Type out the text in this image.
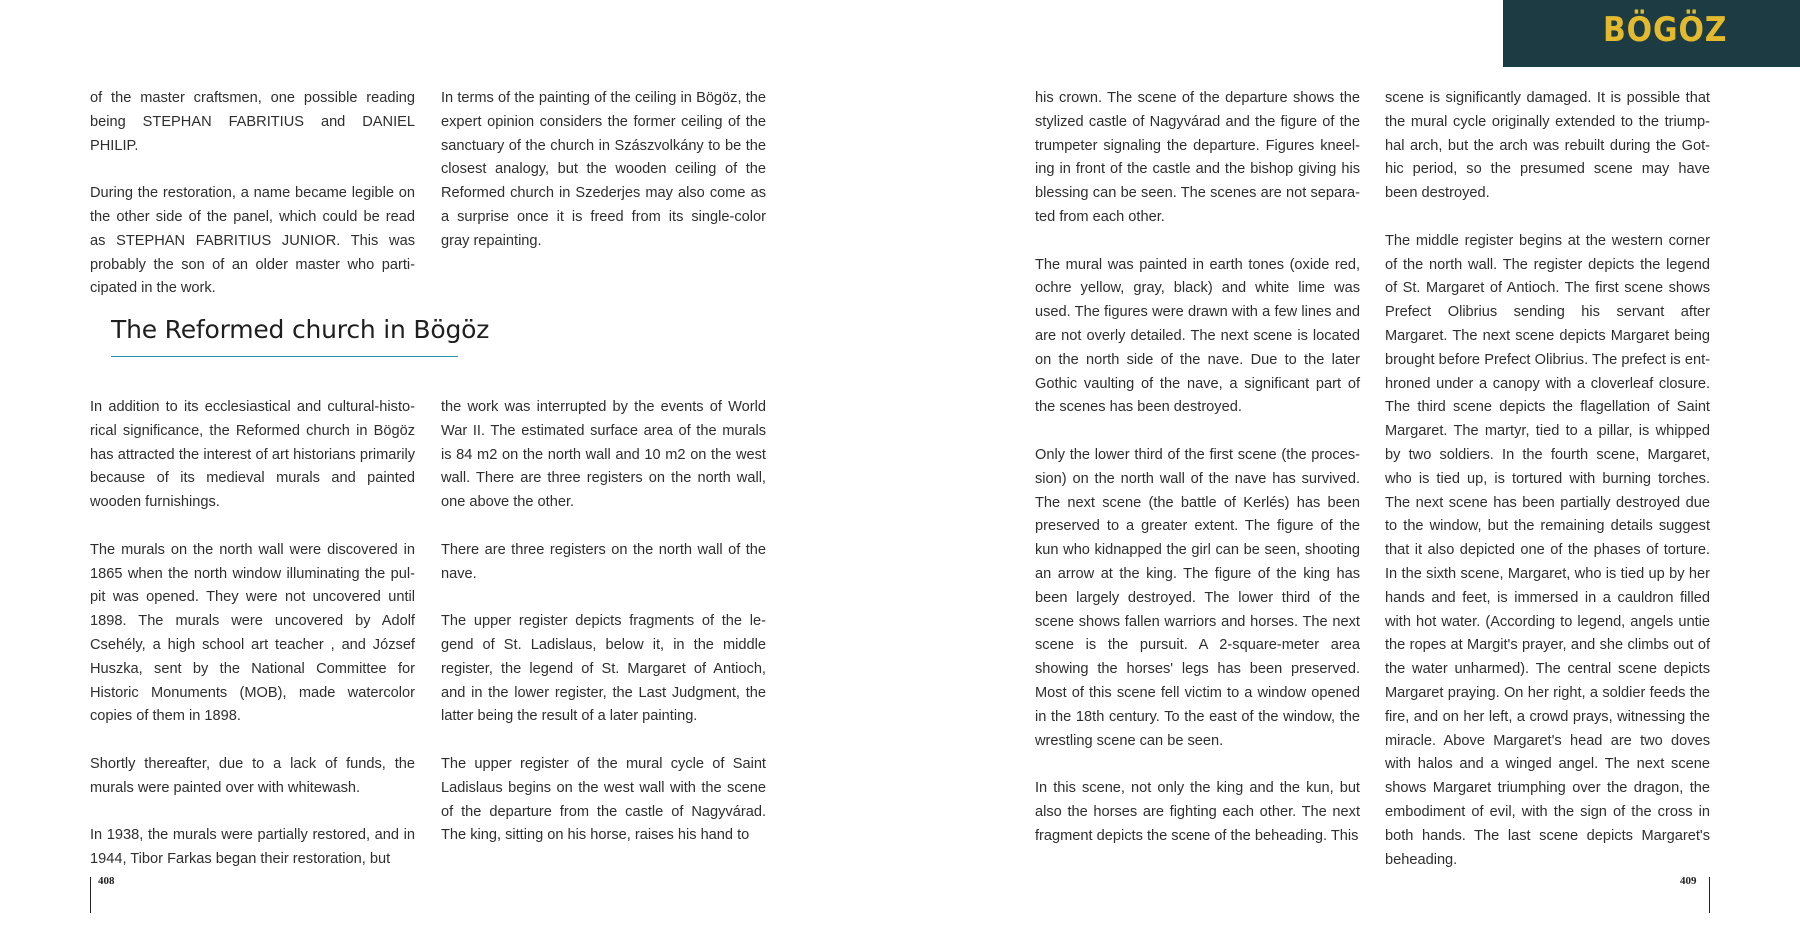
BÖGÖZ

of the master craftsmen, one possible reading being STEPHAN FABRITIUS and DANIEL PHILIP.

During the restoration, a name became legible on the other side of the panel, which could be read as STEPHAN FABRITIUS JUNIOR. This was probably the son of an older master who participated in the work.

In terms of the painting of the ceiling in Bögöz, the expert opinion considers the former ceiling of the sanctuary of the church in Szászvolkány to be the closest analogy, but the wooden ceiling of the Reformed church in Szederjes may also come as a surprise once it is freed from its single-color gray repainting.

The Reformed church in Bögöz

In addition to its ecclesiastical and cultural-historical significance, the Reformed church in Bögöz has attracted the interest of art historians primarily because of its medieval murals and painted wooden furnishings.

The murals on the north wall were discovered in 1865 when the north window illuminating the pulpit was opened. They were not uncovered until 1898. The murals were uncovered by Adolf Csehély, a high school art teacher , and József Huszka, sent by the National Committee for Historic Monuments (MOB), made watercolor copies of them in 1898.

Shortly thereafter, due to a lack of funds, the murals were painted over with whitewash.

In 1938, the murals were partially restored, and in 1944, Tibor Farkas began their restoration, but

the work was interrupted by the events of World War II. The estimated surface area of the murals is 84 m2 on the north wall and 10 m2 on the west wall. There are three registers on the north wall, one above the other.

There are three registers on the north wall of the nave.

The upper register depicts fragments of the legend of St. Ladislaus, below it, in the middle register, the legend of St. Margaret of Antioch, and in the lower register, the Last Judgment, the latter being the result of a later painting.

The upper register of the mural cycle of Saint Ladislaus begins on the west wall with the scene of the departure from the castle of Nagyvárad. The king, sitting on his horse, raises his hand to

his crown. The scene of the departure shows the stylized castle of Nagyvárad and the figure of the trumpeter signaling the departure. Figures kneeling in front of the castle and the bishop giving his blessing can be seen. The scenes are not separated from each other.

The mural was painted in earth tones (oxide red, ochre yellow, gray, black) and white lime was used. The figures were drawn with a few lines and are not overly detailed. The next scene is located on the north side of the nave. Due to the later Gothic vaulting of the nave, a significant part of the scenes has been destroyed.

Only the lower third of the first scene (the procession) on the north wall of the nave has survived. The next scene (the battle of Kerlés) has been preserved to a greater extent. The figure of the kun who kidnapped the girl can be seen, shooting an arrow at the king. The figure of the king has been largely destroyed. The lower third of the scene shows fallen warriors and horses. The next scene is the pursuit. A 2-square-meter area showing the horses' legs has been preserved. Most of this scene fell victim to a window opened in the 18th century. To the east of the window, the wrestling scene can be seen.

In this scene, not only the king and the kun, but also the horses are fighting each other. The next fragment depicts the scene of the beheading. This

scene is significantly damaged. It is possible that the mural cycle originally extended to the triumphal arch, but the arch was rebuilt during the Gothic period, so the presumed scene may have been destroyed.

The middle register begins at the western corner of the north wall. The register depicts the legend of St. Margaret of Antioch. The first scene shows Prefect Olibrius sending his servant after Margaret. The next scene depicts Margaret being brought before Prefect Olibrius. The prefect is enthroned under a canopy with a cloverleaf closure. The third scene depicts the flagellation of Saint Margaret. The martyr, tied to a pillar, is whipped by two soldiers. In the fourth scene, Margaret, who is tied up, is tortured with burning torches. The next scene has been partially destroyed due to the window, but the remaining details suggest that it also depicted one of the phases of torture. In the sixth scene, Margaret, who is tied up by her hands and feet, is immersed in a cauldron filled with hot water. (According to legend, angels untie the ropes at Margit's prayer, and she climbs out of the water unharmed). The central scene depicts Margaret praying. On her right, a soldier feeds the fire, and on her left, a crowd prays, witnessing the miracle. Above Margaret's head are two doves with halos and a winged angel. The next scene shows Margaret triumphing over the dragon, the embodiment of evil, with the sign of the cross in both hands. The last scene depicts Margaret's beheading.

408	409
